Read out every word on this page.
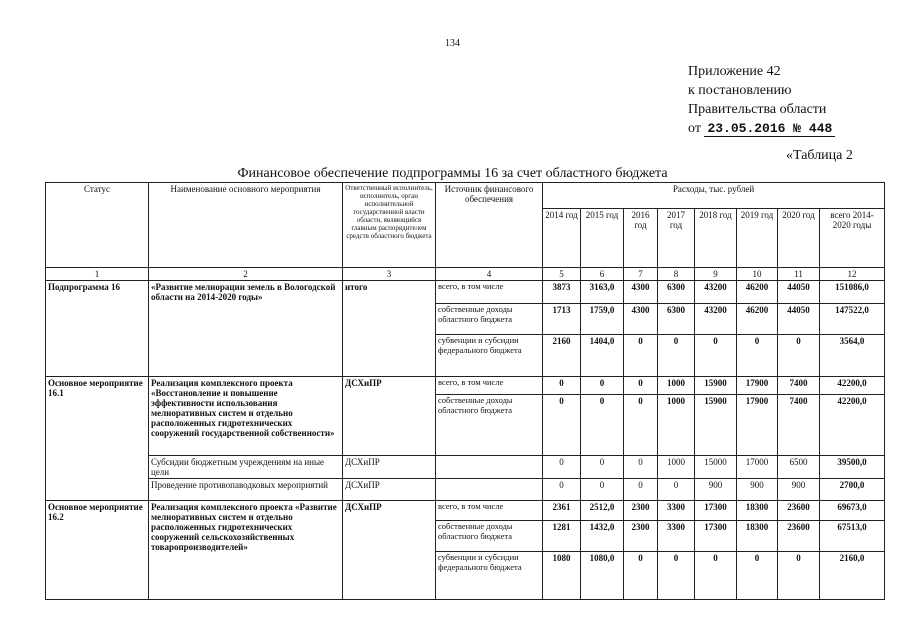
134
Приложение 42
к постановлению
Правительства области
от 23.05.2016 № 448
«Таблица 2
Финансовое обеспечение подпрограммы 16 за счет областного бюджета
Статус	Наименование основного мероприятия	Ответственный исполнитель, исполнитель, орган исполнительной государственной власти области, являющийся главным распорядителем средств областного бюджета	Источник финансового обеспечения	Расходы, тыс. рублей							
				2014 год	2015 год	2016 год	2017 год	2018 год	2019 год	2020 год	всего 2014-2020 годы
1	2	3	4	5	6	7	8	9	10	11	12
Подпрограмма 16	«Развитие мелиорации земель в Вологодской области на 2014-2020 годы»	итого	всего, в том числе	3873	3163,0	4300	6300	43200	46200	44050	151086,0
			собственные доходы областного бюджета	1713	1759,0	4300	6300	43200	46200	44050	147522,0
			субвенции и субсидии федерального бюджета	2160	1404,0	0	0	0	0	0	3564,0
Основное мероприятие 16.1	Реализация комплексного проекта «Восстановление и повышение эффективности использования мелиоративных систем и отдельно расположенных гидротехнических сооружений государственной собственности»	ДСХиПР	всего, в том числе	0	0	0	1000	15900	17900	7400	42200,0
			собственные доходы областного бюджета	0	0	0	1000	15900	17900	7400	42200,0
	Субсидии бюджетным учреждениям на иные цели	ДСХиПР		0	0	0	1000	15000	17000	6500	39500,0
	Проведение противопаводковых мероприятий	ДСХиПР		0	0	0	0	900	900	900	2700,0
Основное мероприятие 16.2	Реализация комплексного проекта «Развитие мелиоративных систем и отдельно расположенных гидротехнических сооружений сельскохозяйственных товаропроизводителей»	ДСХиПР	всего, в том числе	2361	2512,0	2300	3300	17300	18300	23600	69673,0
			собственные доходы областного бюджета	1281	1432,0	2300	3300	17300	18300	23600	67513,0
			субвенции и субсидии федерального бюджета	1080	1080,0	0	0	0	0	0	2160,0
